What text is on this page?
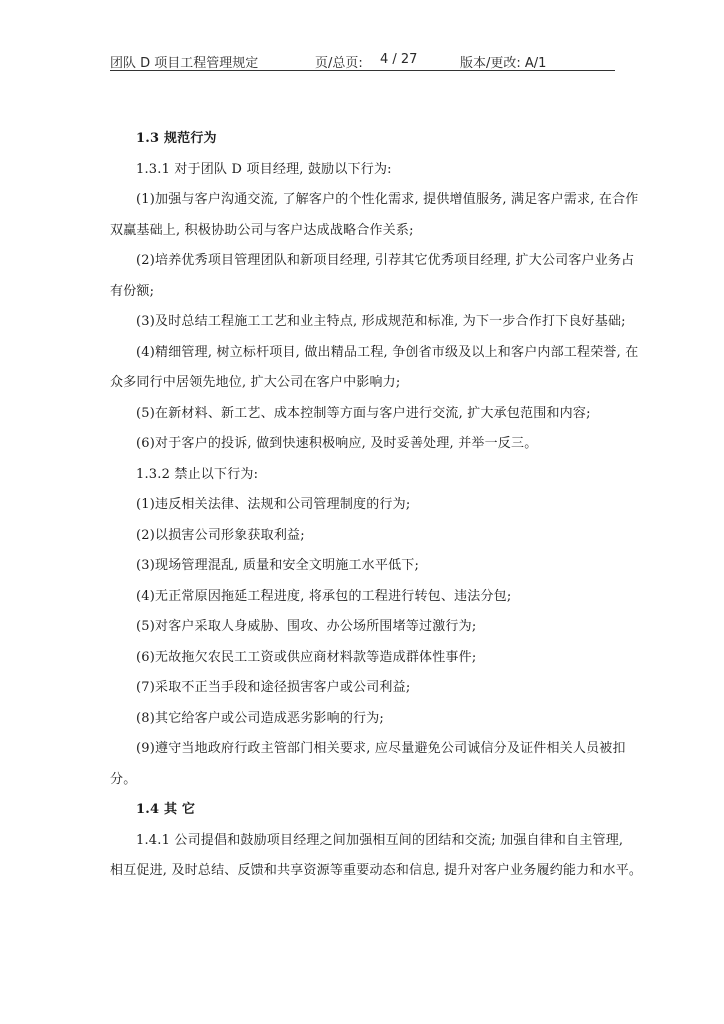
团队 D 项目工程管理规定	页/总页: 4 / 27	版本/更改: A/1

1.3 规范行为

1.3.1 对于团队 D 项目经理, 鼓励以下行为:

(1)加强与客户沟通交流, 了解客户的个性化需求, 提供增值服务, 满足客户需求, 在合作

双赢基础上, 积极协助公司与客户达成战略合作关系;

(2)培养优秀项目管理团队和新项目经理, 引荐其它优秀项目经理, 扩大公司客户业务占

有份额;

(3)及时总结工程施工工艺和业主特点, 形成规范和标准, 为下一步合作打下良好基础;

(4)精细管理, 树立标杆项目, 做出精品工程, 争创省市级及以上和客户内部工程荣誉, 在

众多同行中居领先地位, 扩大公司在客户中影响力;

(5)在新材料、新工艺、成本控制等方面与客户进行交流, 扩大承包范围和内容;

(6)对于客户的投诉, 做到快速积极响应, 及时妥善处理, 并举一反三。

1.3.2 禁止以下行为:

(1)违反相关法律、法规和公司管理制度的行为;

(2)以损害公司形象获取利益;

(3)现场管理混乱, 质量和安全文明施工水平低下;

(4)无正常原因拖延工程进度, 将承包的工程进行转包、违法分包;

(5)对客户采取人身威胁、围攻、办公场所围堵等过激行为;

(6)无故拖欠农民工工资或供应商材料款等造成群体性事件;

(7)采取不正当手段和途径损害客户或公司利益;

(8)其它给客户或公司造成恶劣影响的行为;

(9)遵守当地政府行政主管部门相关要求, 应尽量避免公司诚信分及证件相关人员被扣

分。

1.4 其 它

1.4.1 公司提倡和鼓励项目经理之间加强相互间的团结和交流; 加强自律和自主管理,

相互促进, 及时总结、反馈和共享资源等重要动态和信息, 提升对客户业务履约能力和水平。
